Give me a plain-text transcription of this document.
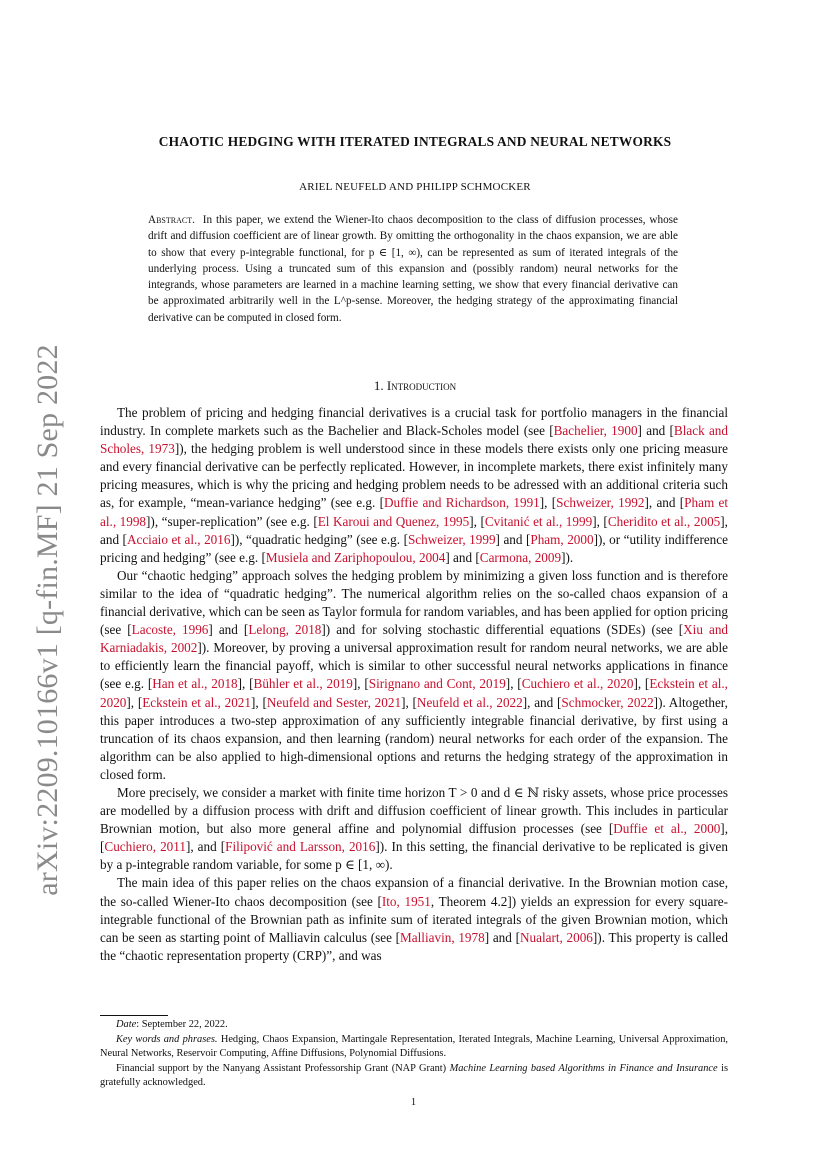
arXiv:2209.10166v1 [q-fin.MF] 21 Sep 2022
CHAOTIC HEDGING WITH ITERATED INTEGRALS AND NEURAL NETWORKS
ARIEL NEUFELD AND PHILIPP SCHMOCKER
Abstract. In this paper, we extend the Wiener-Ito chaos decomposition to the class of diffusion processes, whose drift and diffusion coefficient are of linear growth. By omitting the orthogonality in the chaos expansion, we are able to show that every p-integrable functional, for p ∈ [1, ∞), can be represented as sum of iterated integrals of the underlying process. Using a truncated sum of this expansion and (possibly random) neural networks for the integrands, whose parameters are learned in a machine learning setting, we show that every financial derivative can be approximated arbitrarily well in the L^p-sense. Moreover, the hedging strategy of the approximating financial derivative can be computed in closed form.
1. Introduction

The problem of pricing and hedging financial derivatives is a crucial task for portfolio managers in the financial industry. In complete markets such as the Bachelier and Black-Scholes model (see [Bachelier, 1900] and [Black and Scholes, 1973]), the hedging problem is well understood since in these models there exists only one pricing measure and every financial derivative can be perfectly replicated. However, in incomplete markets, there exist infinitely many pricing measures, which is why the pricing and hedging problem needs to be adressed with an additional criteria such as, for example, “mean-variance hedging” (see e.g. [Duffie and Richardson, 1991], [Schweizer, 1992], and [Pham et al., 1998]), “super-replication” (see e.g. [El Karoui and Quenez, 1995], [Cvitanić et al., 1999], [Cheridito et al., 2005], and [Acciaio et al., 2016]), “quadratic hedging” (see e.g. [Schweizer, 1999] and [Pham, 2000]), or “utility indifference pricing and hedging” (see e.g. [Musiela and Zariphopoulou, 2004] and [Carmona, 2009]).

Our “chaotic hedging” approach solves the hedging problem by minimizing a given loss function and is therefore similar to the idea of “quadratic hedging”. The numerical algorithm relies on the so-called chaos expansion of a financial derivative, which can be seen as Taylor formula for random variables, and has been applied for option pricing (see [Lacoste, 1996] and [Lelong, 2018]) and for solving stochastic differential equations (SDEs) (see [Xiu and Karniadakis, 2002]). Moreover, by proving a universal approximation result for random neural networks, we are able to efficiently learn the financial payoff, which is similar to other successful neural networks applications in finance (see e.g. [Han et al., 2018], [Bühler et al., 2019], [Sirignano and Cont, 2019], [Cuchiero et al., 2020], [Eckstein et al., 2020], [Eckstein et al., 2021], [Neufeld and Sester, 2021], [Neufeld et al., 2022], and [Schmocker, 2022]). Altogether, this paper introduces a two-step approximation of any sufficiently integrable financial derivative, by first using a truncation of its chaos expansion, and then learning (random) neural networks for each order of the expansion. The algorithm can be also applied to high-dimensional options and returns the hedging strategy of the approximation in closed form.

More precisely, we consider a market with finite time horizon T > 0 and d ∈ ℕ risky assets, whose price processes are modelled by a diffusion process with drift and diffusion coefficient of linear growth. This includes in particular Brownian motion, but also more general affine and polynomial diffusion processes (see [Duffie et al., 2000], [Cuchiero, 2011], and [Filipović and Larsson, 2016]). In this setting, the financial derivative to be replicated is given by a p-integrable random variable, for some p ∈ [1, ∞).

The main idea of this paper relies on the chaos expansion of a financial derivative. In the Brownian motion case, the so-called Wiener-Ito chaos decomposition (see [Ito, 1951, Theorem 4.2]) yields an expression for every square-integrable functional of the Brownian path as infinite sum of iterated integrals of the given Brownian motion, which can be seen as starting point of Malliavin calculus (see [Malliavin, 1978] and [Nualart, 2006]). This property is called the “chaotic representation property (CRP)”, and was

Date: September 22, 2022.

Key words and phrases. Hedging, Chaos Expansion, Martingale Representation, Iterated Integrals, Machine Learning, Universal Approximation, Neural Networks, Reservoir Computing, Affine Diffusions, Polynomial Diffusions.

Financial support by the Nanyang Assistant Professorship Grant (NAP Grant) Machine Learning based Algorithms in Finance and Insurance is gratefully acknowledged.

1
